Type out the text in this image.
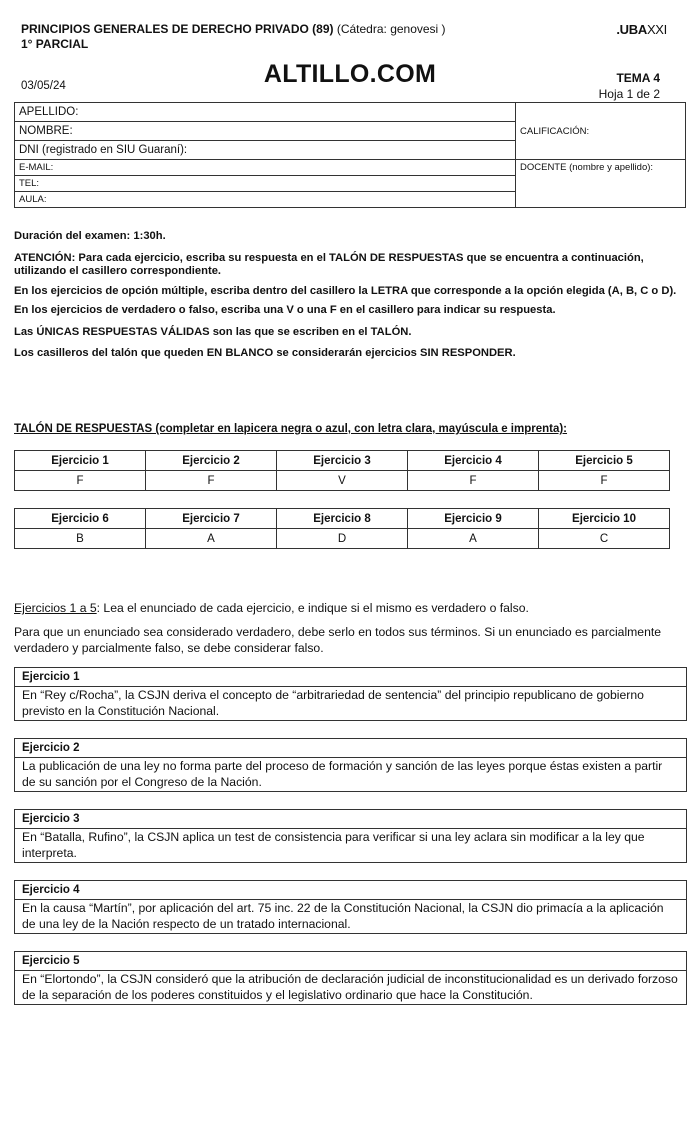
PRINCIPIOS GENERALES DE DERECHO PRIVADO (89) (Cátedra: genovesi )
1° PARCIAL
.UBAXXI
ALTILLO.COM
03/05/24
TEMA 4
Hoja 1 de 2
APELLIDO:	CALIFICACIÓN:
NOMBRE:	
DNI (registrado en SIU Guaraní):	
E-MAIL:	DOCENTE (nombre y apellido):
TEL:	
AULA:	

Duración del examen: 1:30h.

ATENCIÓN: Para cada ejercicio, escriba su respuesta en el TALÓN DE RESPUESTAS que se encuentra a continuación, utilizando el casillero correspondiente.

En los ejercicios de opción múltiple, escriba dentro del casillero la LETRA que corresponde a la opción elegida (A, B, C o D).

En los ejercicios de verdadero o falso, escriba una V o una F en el casillero para indicar su respuesta.

Las ÚNICAS RESPUESTAS VÁLIDAS son las que se escriben en el TALÓN.

Los casilleros del talón que queden EN BLANCO se considerarán ejercicios SIN RESPONDER.

TALÓN DE RESPUESTAS (completar en lapicera negra o azul, con letra clara, mayúscula e imprenta):
Ejercicio 1	Ejercicio 2	Ejercicio 3	Ejercicio 4	Ejercicio 5
F	F	V	F	F
Ejercicio 6	Ejercicio 7	Ejercicio 8	Ejercicio 9	Ejercicio 10
B	A	D	A	C

Ejercicios 1 a 5: Lea el enunciado de cada ejercicio, e indique si el mismo es verdadero o falso.

Para que un enunciado sea considerado verdadero, debe serlo en todos sus términos. Si un enunciado es parcialmente verdadero y parcialmente falso, se debe considerar falso.

Ejercicio 1
En “Rey c/Rocha”, la CSJN deriva el concepto de “arbitrariedad de sentencia” del principio republicano de gobierno previsto en la Constitución Nacional.
Ejercicio 2
La publicación de una ley no forma parte del proceso de formación y sanción de las leyes porque éstas existen a partir de su sanción por el Congreso de la Nación.
Ejercicio 3
En “Batalla, Rufino”, la CSJN aplica un test de consistencia para verificar si una ley aclara sin modificar a la ley que interpreta.
Ejercicio 4
En la causa “Martín”, por aplicación del art. 75 inc. 22 de la Constitución Nacional, la CSJN dio primacía a la aplicación de una ley de la Nación respecto de un tratado internacional.
Ejercicio 5
En “Elortondo”, la CSJN consideró que la atribución de declaración judicial de inconstitucionalidad es un derivado forzoso de la separación de los poderes constituidos y el legislativo ordinario que hace la Constitución.
